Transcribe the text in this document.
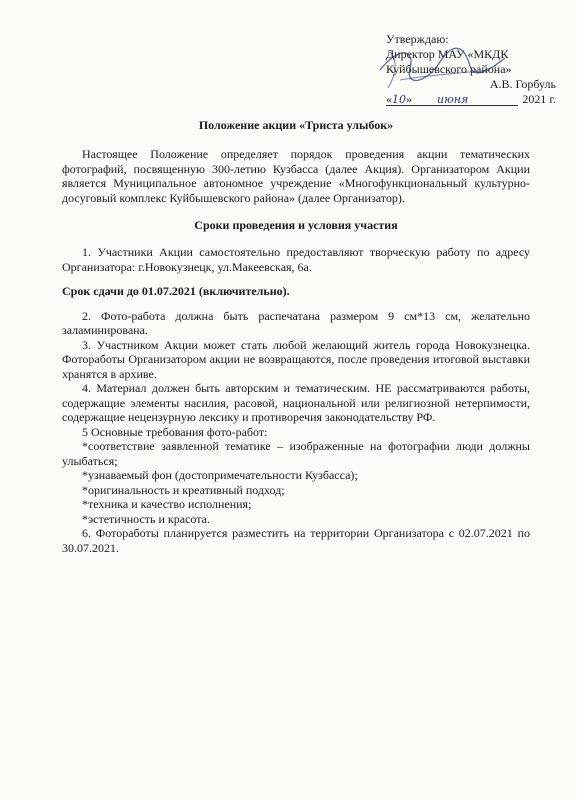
Утверждаю:
Директор МАУ «МКДК
Куйбышевского района»
А.В. Горбуль
«10» июня	2021 г.
Положение акции «Триста улыбок»

Настоящее Положение определяет порядок проведения акции тематических фотографий, посвященную 300-летию Кузбасса (далее Акция). Организатором Акции является Муниципальное автономное учреждение «Многофункциональный культурно-досуговый комплекс Куйбышевского района» (далее Организатор).

Сроки проведения и условия участия

1. Участники Акции самостоятельно предоставляют творческую работу по адресу Организатора: г.Новокузнецк, ул.Макеевская, 6а.

Срок сдачи до 01.07.2021 (включительно).

2. Фото-работа должна быть распечатана размером 9 см*13 см, желательно заламинирована.

3. Участником Акции может стать любой желающий житель города Новокузнецка. Фотоработы Организатором акции не возвращаются, после проведения итоговой выставки хранятся в архиве.

4. Материал должен быть авторским и тематическим. НЕ рассматриваются работы, содержащие элементы насилия, расовой, национальной или религиозной нетерпимости, содержащие нецензурную лексику и противоречия законодательству РФ.

5 Основные требования фото-работ:

*соответствие заявленной тематике – изображенные на фотографии люди должны улыбаться;

*узнаваемый фон (достопримечательности Кузбасса);

*оригинальность и креативный подход;

*техника и качество исполнения;

*эстетичность и красота.

6. Фотоработы планируется разместить на территории Организатора с 02.07.2021 по 30.07.2021.
